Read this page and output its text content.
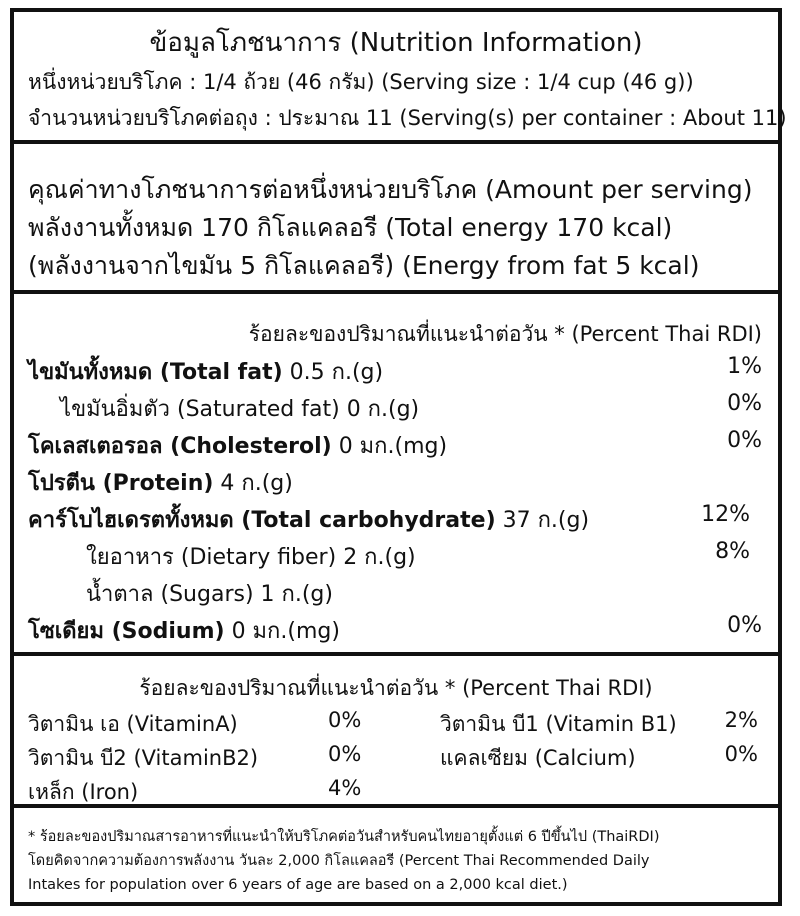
ข้อมูลโภชนาการ (Nutrition Information)
หนึ่งหน่วยบริโภค : 1/4 ถ้วย (46 กรัม) (Serving size : 1/4 cup (46 g))
จำนวนหน่วยบริโภคต่อถุง : ประมาณ 11 (Serving(s) per container : About 11)
คุณค่าทางโภชนาการต่อหนึ่งหน่วยบริโภค (Amount per serving)
พลังงานทั้งหมด 170 กิโลแคลอรี (Total energy 170 kcal)
(พลังงานจากไขมัน 5 กิโลแคลอรี) (Energy from fat 5 kcal)
ร้อยละของปริมาณที่แนะนำต่อวัน * (Percent Thai RDI)
ไขมันทั้งหมด (Total fat) 0.5 ก.(g)	1%
ไขมันอิ่มตัว (Saturated fat) 0 ก.(g)	0%
โคเลสเตอรอล (Cholesterol) 0 มก.(mg)	0%
โปรตีน (Protein) 4 ก.(g)
คาร์โบไฮเดรตทั้งหมด (Total carbohydrate) 37 ก.(g)	12%
ใยอาหาร (Dietary fiber) 2 ก.(g)	8%
น้ำตาล (Sugars) 1 ก.(g)
โซเดียม (Sodium) 0 มก.(mg)	0%
ร้อยละของปริมาณที่แนะนำต่อวัน * (Percent Thai RDI)
วิตามิน เอ (VitaminA)	0%	วิตามิน บี1 (Vitamin B1) 2%
วิตามิน บี2 (VitaminB2)	0%	แคลเซียม (Calcium)	0%
เหล็ก (Iron)	4%
* ร้อยละของปริมาณสารอาหารที่แนะนำให้บริโภคต่อวันสำหรับคนไทยอายุตั้งแต่ 6 ปีขึ้นไป (ThaiRDI)
โดยคิดจากความต้องการพลังงาน วันละ 2,000 กิโลแคลอรี (Percent Thai Recommended Daily
Intakes for population over 6 years of age are based on a 2,000 kcal diet.)
